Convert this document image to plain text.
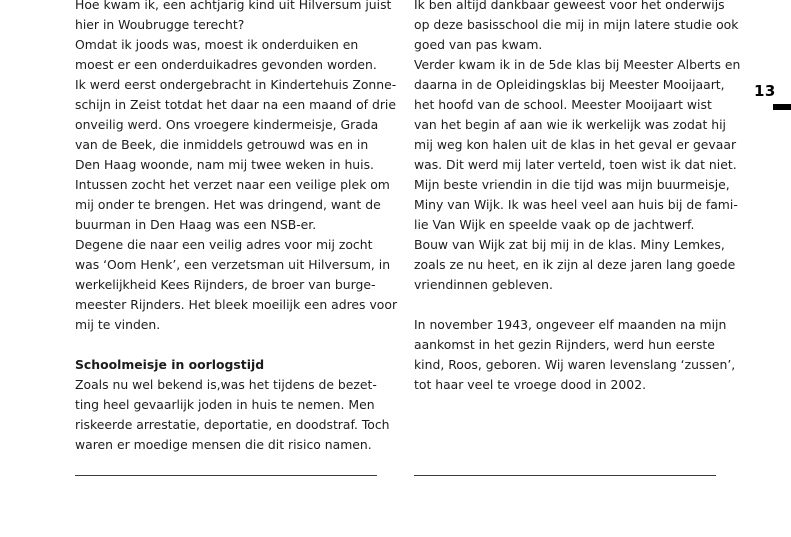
Hoe kwam ik, een achtjarig kind uit Hilversum juist
hier in Woubrugge terecht?
Omdat ik joods was, moest ik onderduiken en
moest er een onderduikadres gevonden worden.
Ik werd eerst ondergebracht in Kindertehuis Zonne-
schijn in Zeist totdat het daar na een maand of drie
onveilig werd. Ons vroegere kindermeisje, Grada
van de Beek, die inmiddels getrouwd was en in
Den Haag woonde, nam mij twee weken in huis.
Intussen zocht het verzet naar een veilige plek om
mij onder te brengen. Het was dringend, want de
buurman in Den Haag was een NSB-er.
Degene die naar een veilig adres voor mij zocht
was ‘Oom Henk’, een verzetsman uit Hilversum, in
werkelijkheid Kees Rijnders, de broer van burge-
meester Rijnders. Het bleek moeilijk een adres voor
mij te vinden.
Schoolmeisje in oorlogstijd
Zoals nu wel bekend is,was het tijdens de bezet-
ting heel gevaarlijk joden in huis te nemen. Men
riskeerde arrestatie, deportatie, en doodstraf. Toch
waren er moedige mensen die dit risico namen.
Ik ben altijd dankbaar geweest voor het onderwijs
op deze basisschool die mij in mijn latere studie ook
goed van pas kwam.
Verder kwam ik in de 5de klas bij Meester Alberts en
daarna in de Opleidingsklas bij Meester Mooijaart,
het hoofd van de school. Meester Mooijaart wist
van het begin af aan wie ik werkelijk was zodat hij
mij weg kon halen uit de klas in het geval er gevaar
was. Dit werd mij later verteld, toen wist ik dat niet.
Mijn beste vriendin in die tijd was mijn buurmeisje,
Miny van Wijk. Ik was heel veel aan huis bij de fami-
lie Van Wijk en speelde vaak op de jachtwerf.
Bouw van Wijk zat bij mij in de klas. Miny Lemkes,
zoals ze nu heet, en ik zijn al deze jaren lang goede
vriendinnen gebleven.
In november 1943, ongeveer elf maanden na mijn
aankomst in het gezin Rijnders, werd hun eerste
kind, Roos, geboren. Wij waren levenslang ‘zussen’,
tot haar veel te vroege dood in 2002.
13
